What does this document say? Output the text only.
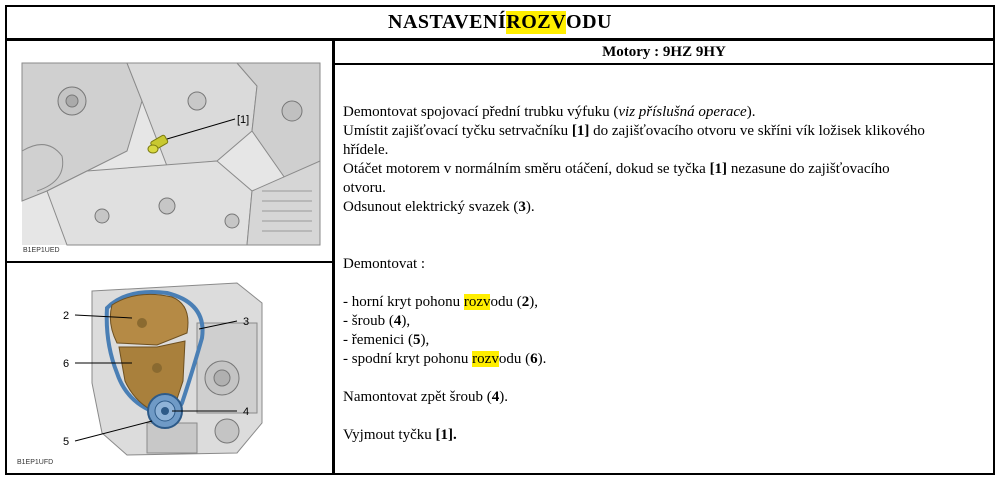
NASTAVENÍ ROZV ODU
[1]
B1EP1UED
2	3
6
4
5
B1EP1UFD
Motory : 9HZ 9HY

Demontovat spojovací přední trubku výfuku (viz příslušná operace).

Umístit zajišťovací tyčku setrvačníku [1] do zajišťovacího otvoru ve skříni vík ložisek klikového

hřídele.

Otáčet motorem v normálním směru otáčení, dokud se tyčka [1] nezasune do zajišťovacího

otvoru.

Odsunout elektrický svazek (3).

Demontovat :

- horní kryt pohonu rozvodu (2),

- šroub (4),

- řemenici (5),

- spodní kryt pohonu rozvodu (6).

Namontovat zpět šroub (4).

Vyjmout tyčku [1].
